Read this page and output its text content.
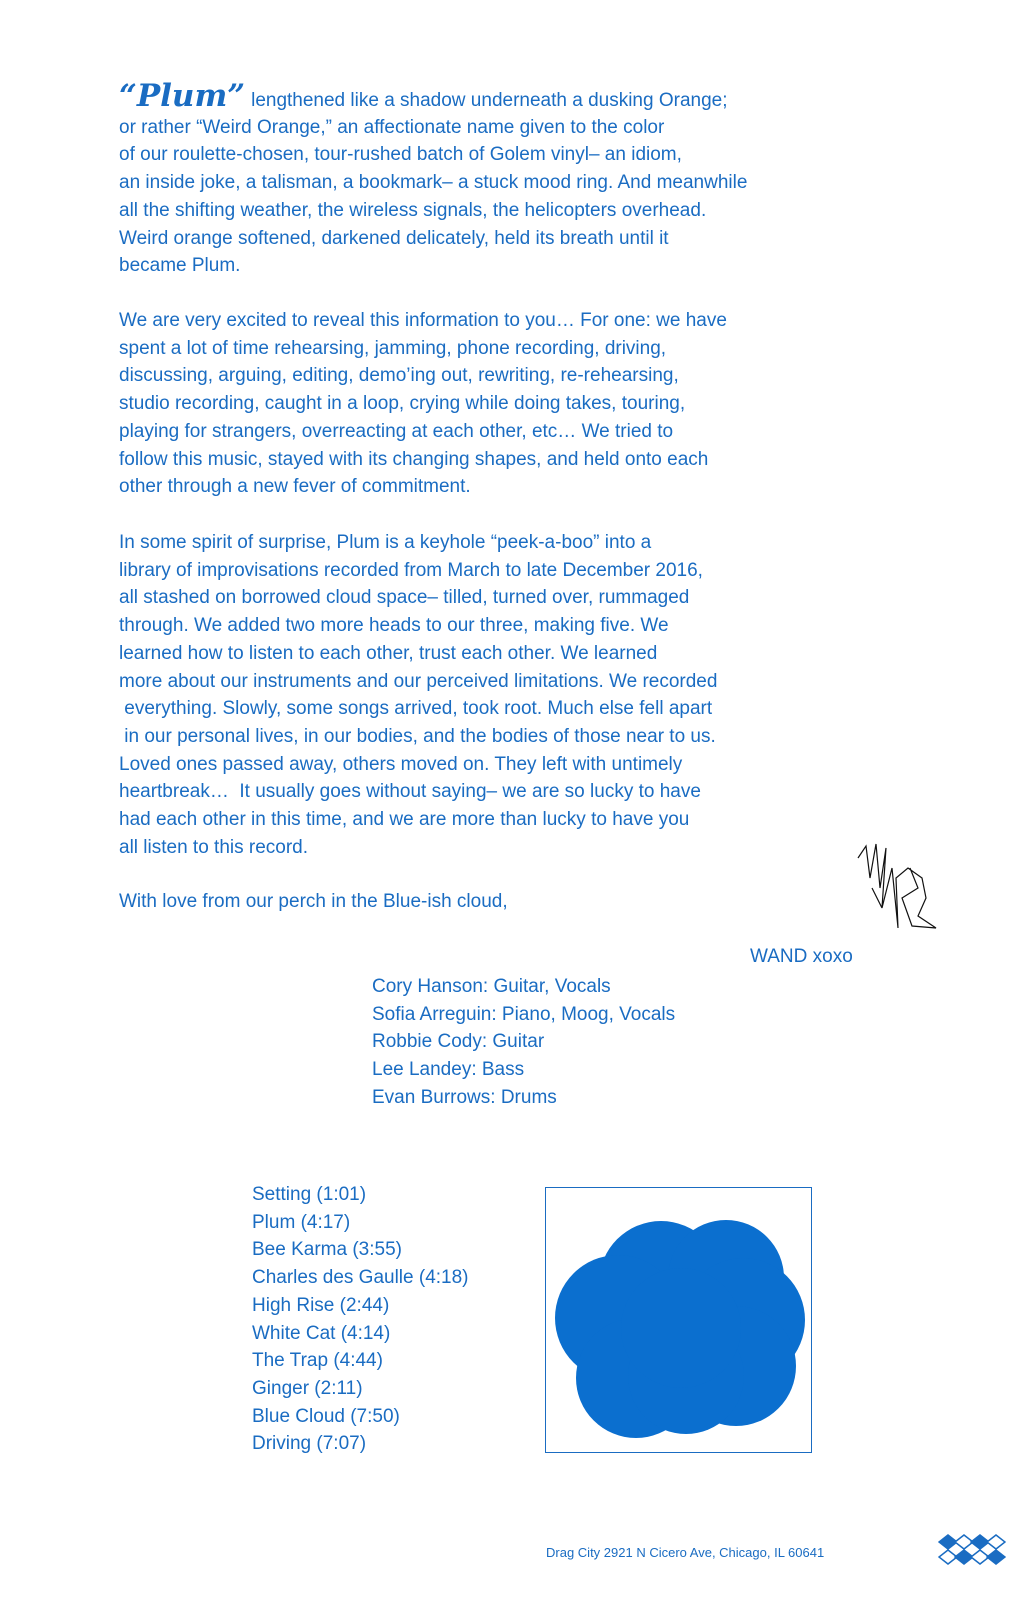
“Plum” lengthened like a shadow underneath a dusking Orange;
or rather “Weird Orange,” an affectionate name given to the color
of our roulette-chosen, tour-rushed batch of Golem vinyl– an idiom,
an inside joke, a talisman, a bookmark– a stuck mood ring. And meanwhile
all the shifting weather, the wireless signals, the helicopters overhead.
Weird orange softened, darkened delicately, held its breath until it
became Plum.
We are very excited to reveal this information to you… For one: we have
spent a lot of time rehearsing, jamming, phone recording, driving,
discussing, arguing, editing, demo’ing out, rewriting, re-rehearsing,
studio recording, caught in a loop, crying while doing takes, touring,
playing for strangers, overreacting at each other, etc… We tried to
follow this music, stayed with its changing shapes, and held onto each
other through a new fever of commitment.
In some spirit of surprise, Plum is a keyhole “peek-a-boo” into a
library of improvisations recorded from March to late December 2016,
all stashed on borrowed cloud space– tilled, turned over, rummaged
through. We added two more heads to our three, making five. We
learned how to listen to each other, trust each other. We learned
more about our instruments and our perceived limitations. We recorded
everything. Slowly, some songs arrived, took root. Much else fell apart
in our personal lives, in our bodies, and the bodies of those near to us.
Loved ones passed away, others moved on. They left with untimely
heartbreak…  It usually goes without saying– we are so lucky to have
had each other in this time, and we are more than lucky to have you
all listen to this record.
With love from our perch in the Blue-ish cloud,
WAND xoxo
Cory Hanson: Guitar, Vocals
Sofia Arreguin: Piano, Moog, Vocals
Robbie Cody: Guitar
Lee Landey: Bass
Evan Burrows: Drums
Setting (1:01)
Plum (4:17)
Bee Karma (3:55)
Charles des Gaulle (4:18)
High Rise (2:44)
White Cat (4:14)
The Trap (4:44)
Ginger (2:11)
Blue Cloud (7:50)
Driving (7:07)
Drag City 2921 N Cicero Ave, Chicago, IL 60641
